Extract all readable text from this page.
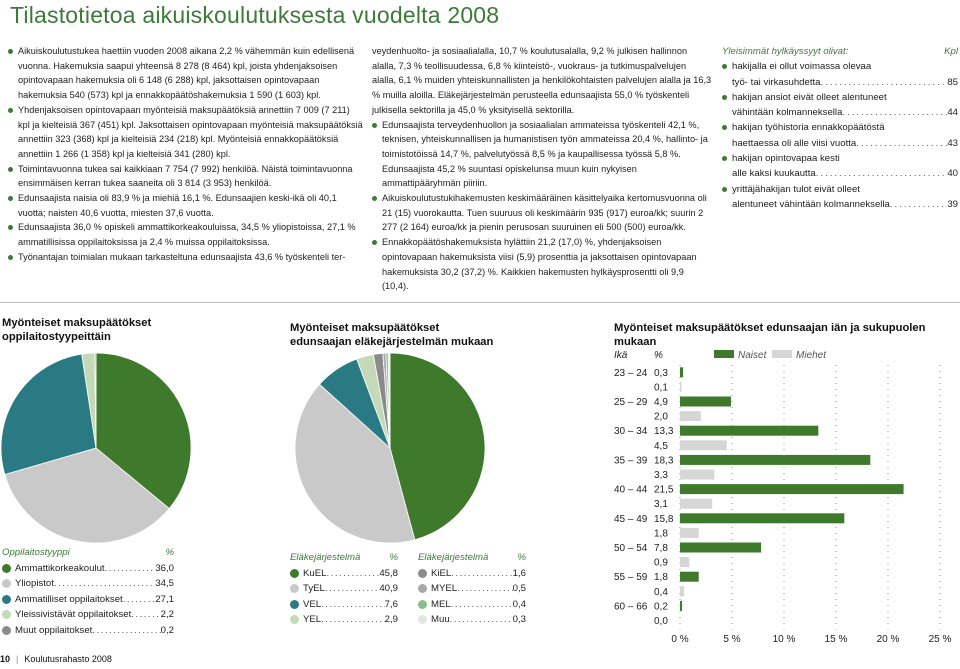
Tilastotietoa aikuiskoulutuksesta vuodelta 2008

Aikuiskoulutustukea haettiin vuoden 2008 aikana 2,2 % vähemmän kuin edellisenä vuonna. Hakemuksia saapui yhteensä 8 278 (8 464) kpl, joista yhdenjaksoisen opintovapaan hakemuksia oli 6 148 (6 288) kpl, jaksottaisen opintovapaan hakemuksia 540 (573) kpl ja ennakkopäätöshakemuksia 1 590 (1 603) kpl.

Yhdenjaksoisen opintovapaan myönteisiä maksupäätöksiä annettiin 7 009 (7 211) kpl ja kielteisiä 367 (451) kpl. Jaksottaisen opintovapaan myönteisiä maksupäätöksiä annettiin 323 (368) kpl ja kielteisiä 234 (218) kpl. Myönteisiä ennakkopäätöksiä annettiin 1 266 (1 358) kpl ja kielteisiä 341 (280) kpl.

Toimintavuonna tukea sai kaikkiaan 7 754 (7 992) henkilöä. Näistä toimintavuonna ensimmäisen kerran tukea saaneita oli 3 814 (3 953) henkilöä.

Edunsaajista naisia oli 83,9 % ja miehiä 16,1 %. Edunsaajien keski-ikä oli 40,1 vuotta; naisten 40,6 vuotta, miesten 37,6 vuotta.

Edunsaajista 36,0 % opiskeli ammattikorkeakouluissa, 34,5 % yliopistoissa, 27,1 % ammatillisissa oppilaitoksissa ja 2,4 % muissa oppilaitoksissa.

Työnantajan toimialan mukaan tarkasteltuna edunsaajista 43,6 % työskenteli ter-

veydenhuolto- ja sosiaalialalla, 10,7 % koulutusalalla, 9,2 % julkisen hallinnon alalla, 7,3 % teollisuudessa, 6,8 % kiinteistö-, vuokraus- ja tutkimuspalvelujen alalla, 6,1 % muiden yhteiskunnallisten ja henkilökohtaisten palvelujen alalla ja 16,3 % muilla aloilla. Eläkejärjestelmän perusteella edunsaajista 55,0 % työskenteli julkisella sektorilla ja 45,0 % yksityisellä sektorilla.

Edunsaajista terveydenhuollon ja sosiaalialan ammateissa työskenteli 42,1 %, teknisen, yhteiskunnallisen ja humanistisen työn ammateissa 20,4 %, hallinto- ja toimistotöissä 14,7 %, palvelutyössä 8,5 % ja kaupallisessa työssä 5,8 %. Edunsaajista 45,2 % suuntasi opiskelunsa muun kuin nykyisen ammattipääryhmän piiriin.

Aikuiskoulutustukihakemusten keskimääräinen käsittelyaika kertomusvuonna oli 21 (15) vuorokautta. Tuen suuruus oli keskimäärin 935 (917) euroa/kk; suurin 2 277 (2 164) euroa/kk ja pienin perusosan suuruinen eli 500 (500) euroa/kk.

Ennakkopäätöshakemuksista hylättiin 21,2 (17,0) %, yhdenjaksoisen opintovapaan hakemuksista viisi (5,9) prosenttia ja jaksottaisen opintovapaan hakemuksista 30,2 (37,2) %. Kaikkien hakemusten hylkäysprosentti oli 9,9 (10,4).

Yleisimmät hylkäyssyyt olivat:	Kpl
hakijalla ei ollut voimassa olevaa
työ- tai virkasuhdetta .....	85
hakijan ansiot eivät olleet alentuneet
vähintään kolmanneksella .....	44
hakijan työhistoria ennakkopäätöstä
haettaessa oli alle viisi vuotta .....	43
hakijan opintovapaa kesti
alle kaksi kuukautta .....	40
yrittäjähakijan tulot eivät olleet
alentuneet vähintään kolmanneksella .....	39
Myönteiset maksupäätökset
oppilaitostyypeittäin
Myönteiset maksupäätökset
edunsaajan eläkejärjestelmän mukaan
Myönteiset maksupäätökset edunsaajan iän ja sukupuolen mukaan
Oppilaitostyyppi	%
Ammattikorkeakoulut .....	36,0
Yliopistot .....	34,5
Ammatilliset oppilaitokset .....	27,1
Yleissivistävät oppilaitokset .....	2,2
Muut oppilaitokset .....	0,2
Eläkejärjestelmä	%
KuEL .....	45,8
TyEL .....	40,9
VEL .....	7,6
YEL .....	2,9
Eläkejärjestelmä	%
KiEL .....	1,6
MYEL .....	0,5
MEL .....	0,4
Muu .....	0,3
Ikä	%	Naiset	Miehet
0 %	5 %	10 %	15 %	20 %	25 %
23 – 24 0,3
0,1
25 – 29 4,9
2,0
30 – 34 13,3
4,5
35 – 39 18,3
3,3
40 – 44 21,5
3,1
45 – 49 15,8
1,8
50 – 54 7,8
0,9
55 – 59 1,8
0,4
60 – 66 0,2
0,0
10 | Koulutusrahasto 2008
